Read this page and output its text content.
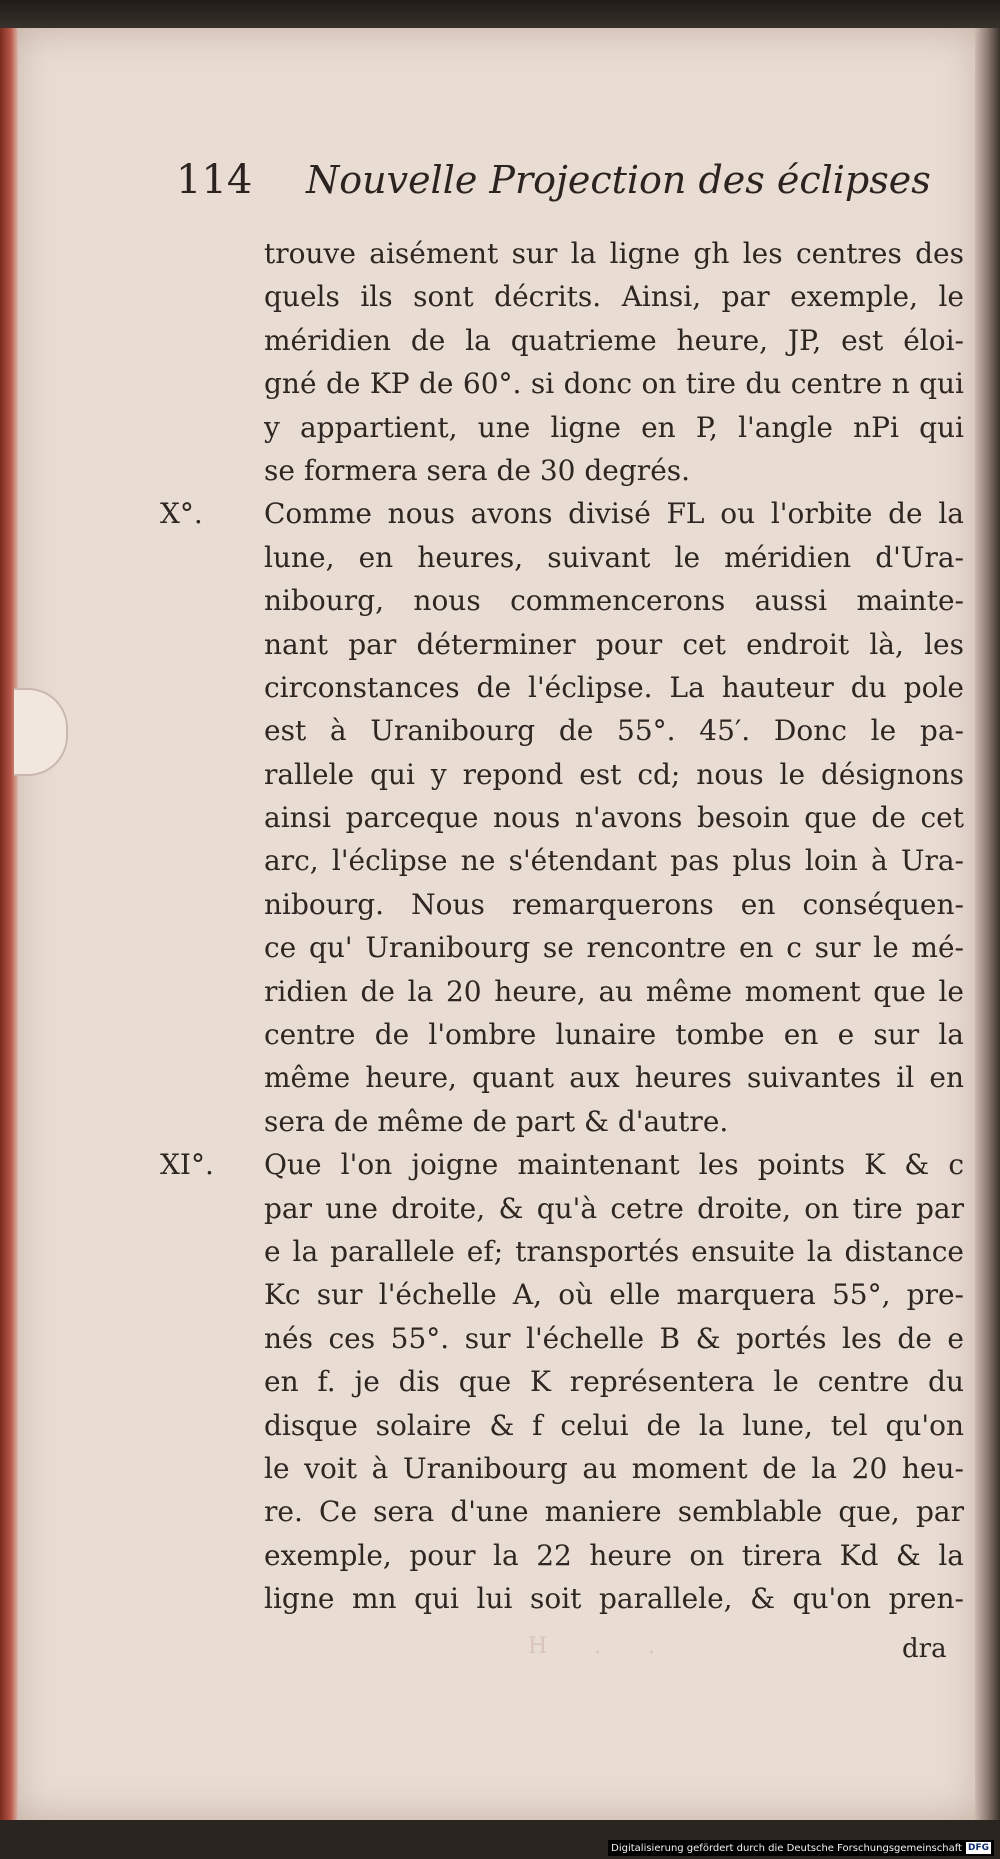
114 Nouvelle Projection des éclipses
trouve aisément sur la ligne gh les centres des
quels ils sont décrits. Ainsi, par exemple, le
méridien de la quatrieme heure, JP, est éloi-
gné de KP de 60°. si donc on tire du centre n qui
y appartient, une ligne en P, l'angle nPi qui
se formera sera de 30 degrés.
X°. Comme nous avons divisé FL ou l'orbite de la
lune, en heures, suivant le méridien d'Ura-
nibourg, nous commencerons aussi mainte-
nant par déterminer pour cet endroit là, les
circonstances de l'éclipse. La hauteur du pole
est à Uranibourg de 55°. 45′. Donc le pa-
rallele qui y repond est cd; nous le désignons
ainsi parceque nous n'avons besoin que de cet
arc, l'éclipse ne s'étendant pas plus loin à Ura-
nibourg. Nous remarquerons en conséquen-
ce qu' Uranibourg se rencontre en c sur le mé-
ridien de la 20 heure, au même moment que le
centre de l'ombre lunaire tombe en e sur la
même heure, quant aux heures suivantes il en
sera de même de part & d'autre.
XI°. Que l'on joigne maintenant les points K & c
par une droite, & qu'à cetre droite, on tire par
e la parallele ef; transportés ensuite la distance
Kc sur l'échelle A, où elle marquera 55°, pre-
nés ces 55°. sur l'échelle B & portés les de e
en f. je dis que K représentera le centre du
disque solaire & f celui de la lune, tel qu'on
le voit à Uranibourg au moment de la 20 heu-
re. Ce sera d'une maniere semblable que, par
exemple, pour la 22 heure on tirera Kd & la
ligne mn qui lui soit parallele, & qu'on pren-
H . .	dra
Digitalisierung gefördert durch die Deutsche Forschungsgemeinschaft DFG
